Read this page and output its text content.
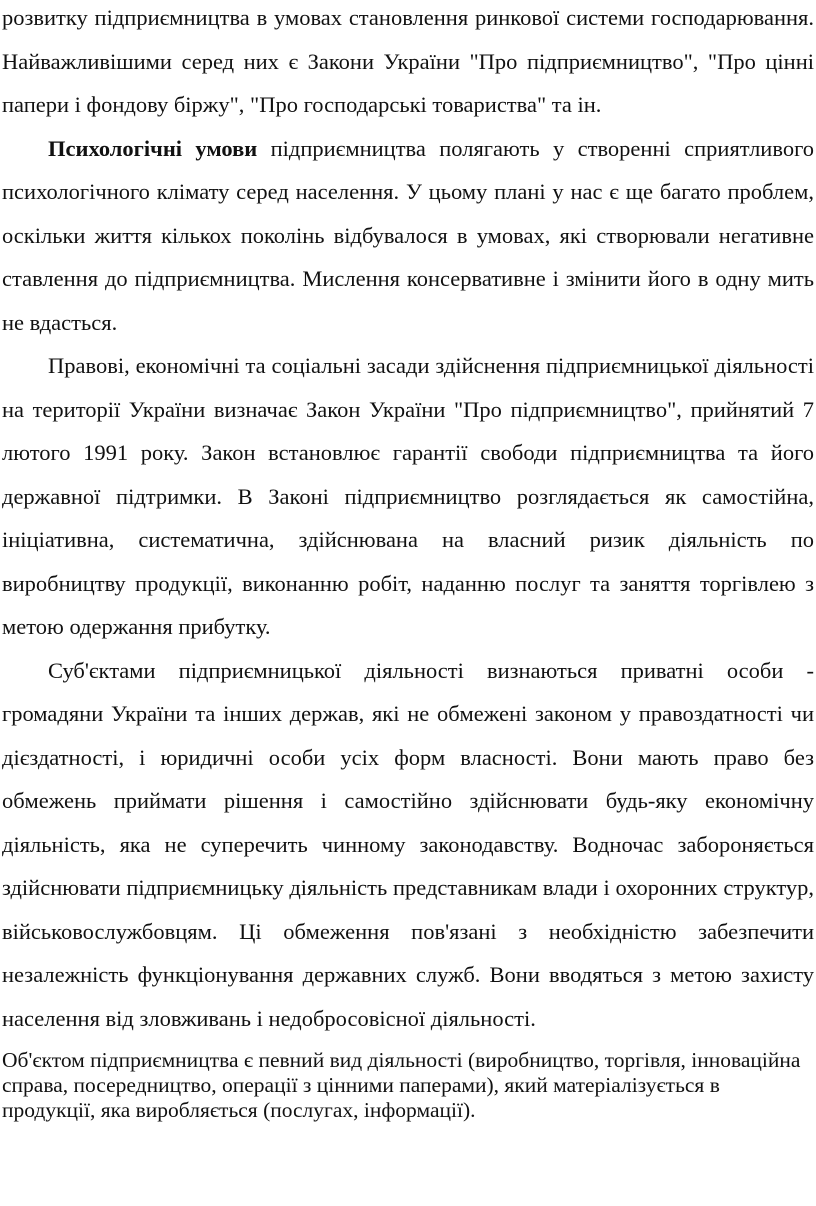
розвитку підприємництва в умовах становлення ринкової системи господарювання. Найважливішими серед них є Закони України "Про підприємництво", "Про цінні папери і фондову біржу", "Про господарські товариства" та ін.

Психологічні умови підприємництва полягають у створенні сприятливого психологічного клімату серед населення. У цьому плані у нас є ще багато проблем, оскільки життя кількох поколінь відбувалося в умовах, які створювали негативне ставлення до підприємництва. Мислення консервативне і змінити його в одну мить не вдасться.

Правові, економічні та соціальні засади здійснення підприємницької діяльності на території України визначає Закон України "Про підприємництво", прийнятий 7 лютого 1991 року. Закон встановлює гарантії свободи підприємництва та його державної підтримки. В Законі підприємництво розглядається як самостійна, ініціативна, систематична, здійснювана на власний ризик діяльність по виробництву продукції, виконанню робіт, наданню послуг та заняття торгівлею з метою одержання прибутку.

Суб'єктами підприємницької діяльності визнаються приватні особи - громадяни України та інших держав, які не обмежені законом у правоздатності чи дієздатності, і юридичні особи усіх форм власності. Вони мають право без обмежень приймати рішення і самостійно здійснювати будь-яку економічну діяльність, яка не суперечить чинному законодавству. Водночас забороняється здійснювати підприємницьку діяльність представникам влади і охоронних структур, військовослужбовцям. Ці обмеження пов'язані з необхідністю забезпечити незалежність функціонування державних служб. Вони вводяться з метою захисту населення від зловживань і недобросовісної діяльності.

Об'єктом підприємництва є певний вид діяльності (виробництво, торгівля, інноваційна справа, посередництво, операції з цінними паперами), який матеріалізується в продукції, яка виробляється (послугах, інформації).
